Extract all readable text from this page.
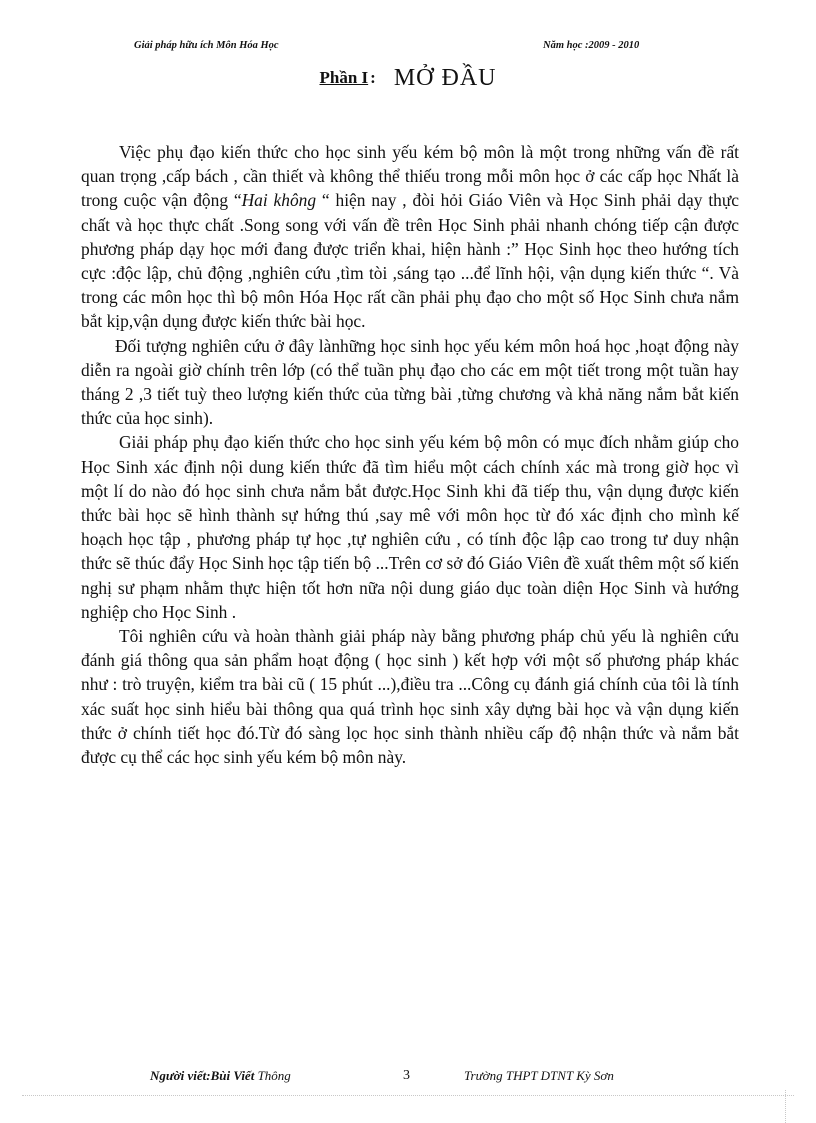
Giải pháp hữu ích Môn Hóa Học	Năm học :2009 - 2010
Phần I : MỞ ĐẦU

Việc phụ đạo kiến thức cho học sinh yếu kém bộ môn là một trong những vấn đề rất quan trọng ,cấp bách , cần thiết và không thể thiếu trong mỗi môn học ở các cấp học Nhất là trong cuộc vận động “Hai không “ hiện nay , đòi hỏi Giáo Viên và Học Sinh phải dạy thực chất và học thực chất .Song song với vấn đề trên Học Sinh phải nhanh chóng tiếp cận được phương pháp dạy học mới đang được triển khai, hiện hành :” Học Sinh học theo hướng tích cực :độc lập, chủ động ,nghiên cứu ,tìm tòi ,sáng tạo ...để lĩnh hội, vận dụng kiến thức “. Và trong các môn học thì bộ môn Hóa Học rất cần phải phụ đạo cho một số Học Sinh chưa nắm bắt kịp,vận dụng được kiến thức bài học.

Đối tượng nghiên cứu ở đây lànhững học sinh học yếu kém môn hoá học ,hoạt động này diễn ra ngoài giờ chính trên lớp (có thể tuần phụ đạo cho các em một tiết trong một tuần hay tháng 2 ,3 tiết tuỳ theo lượng kiến thức của từng bài ,từng chương và khả năng nắm bắt kiến thức của học sinh).

Giải pháp phụ đạo kiến thức cho học sinh yếu kém bộ môn có mục đích nhằm giúp cho Học Sinh xác định nội dung kiến thức đã tìm hiểu một cách chính xác mà trong giờ học vì một lí do nào đó học sinh chưa nắm bắt được.Học Sinh khi đã tiếp thu, vận dụng được kiến thức bài học sẽ hình thành sự hứng thú ,say mê với môn học từ đó xác định cho mình kế hoạch học tập , phương pháp tự học ,tự nghiên cứu , có tính độc lập cao trong tư duy nhận thức sẽ thúc đẩy Học Sinh học tập tiến bộ ...Trên cơ sở đó Giáo Viên đề xuất thêm một số kiến nghị sư phạm nhằm thực hiện tốt hơn nữa nội dung giáo dục toàn diện Học Sinh và hướng nghiệp cho Học Sinh .

Tôi nghiên cứu và hoàn thành giải pháp này bằng phương pháp chủ yếu là nghiên cứu đánh giá thông qua sản phẩm hoạt động ( học sinh ) kết hợp với một số phương pháp khác như : trò truyện, kiểm tra bài cũ ( 15 phút ...),điều tra ...Công cụ đánh giá chính của tôi là tính xác suất học sinh hiểu bài thông qua quá trình học sinh xây dựng bài học và vận dụng kiến thức ở chính tiết học đó.Từ đó sàng lọc học sinh thành nhiều cấp độ nhận thức và nắm bắt được cụ thể các học sinh yếu kém bộ môn này.

Người viết:Bùi Viết Thông	3	Trường THPT DTNT Kỳ Sơn
